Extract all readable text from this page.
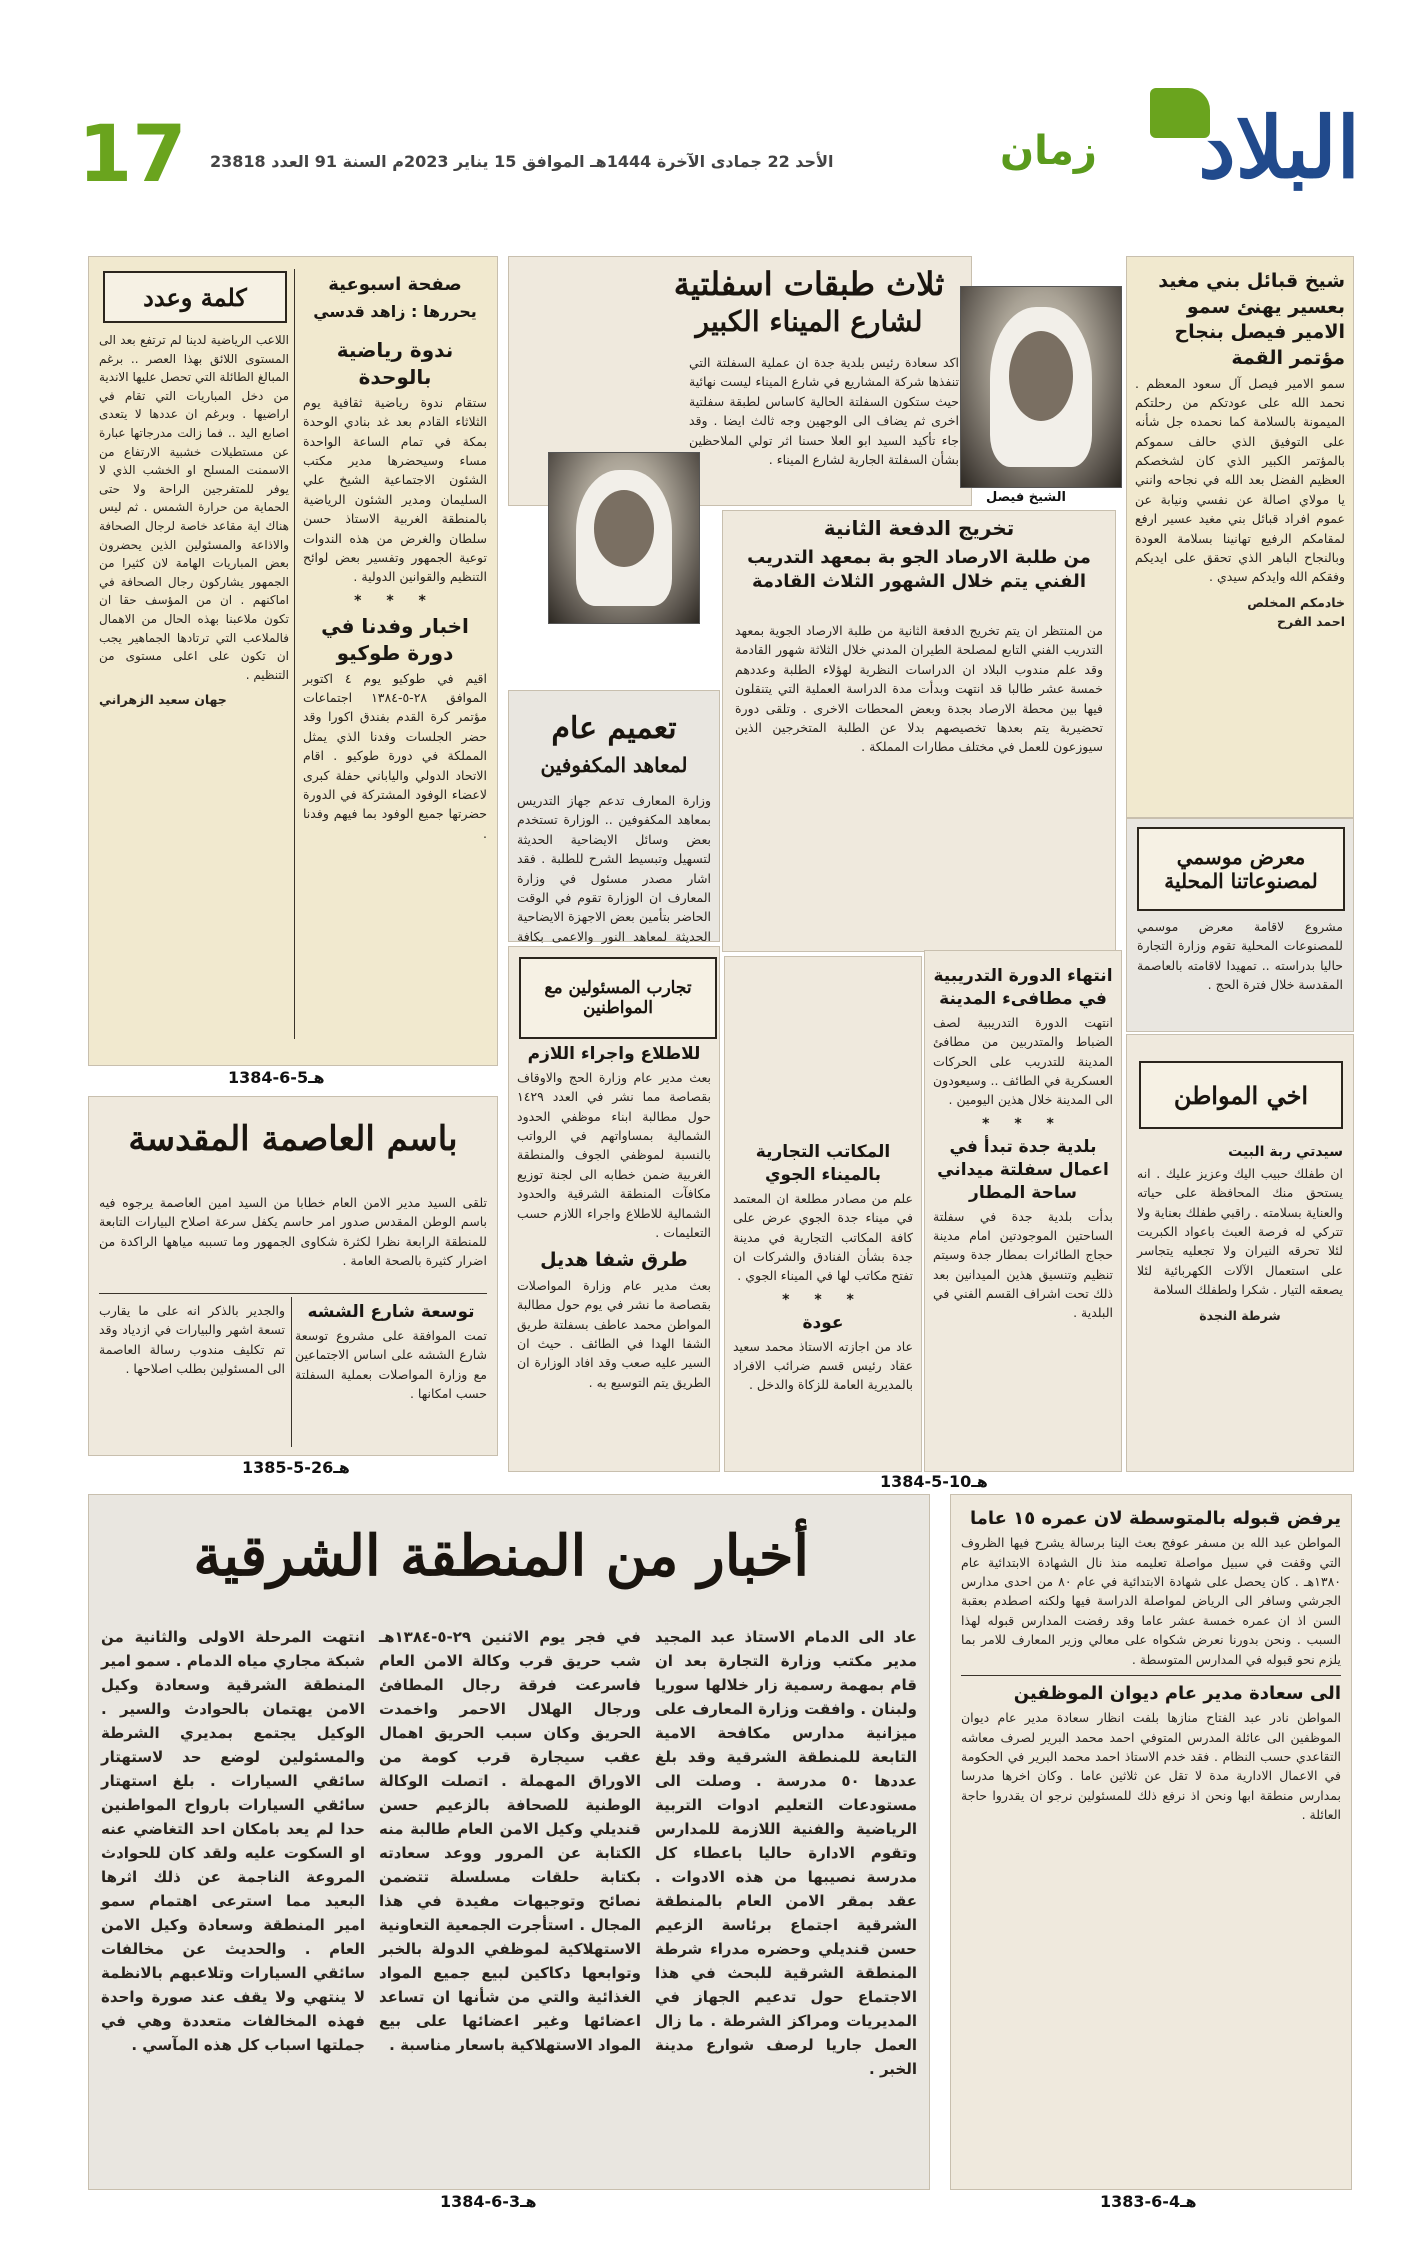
17 الأحد 22 جمادى الآخرة 1444هـ الموافق 15 يناير 2023م السنة 91 العدد 23818	زمان البلاد
كلمة وعدد

اللاعب الرياضية لدينا لم ترتفع بعد الى المستوى اللائق بهذا العصر .. برغم المبالغ الطائلة التي تحصل عليها الاندية من دخل المباريات التي تقام في اراضيها . وبرغم ان عددها لا يتعدى اصابع اليد .. فما زالت مدرجاتها عبارة عن مستطيلات خشبية الارتفاع من الاسمنت المسلح او الخشب الذي لا يوفر للمتفرجين الراحة ولا حتى الحماية من حرارة الشمس . ثم ليس هناك اية مقاعد خاصة لرجال الصحافة والاذاعة والمسئولين الذين يحضرون بعض المباريات الهامة لان كثيرا من الجمهور يشاركون رجال الصحافة في اماكنهم . ان من المؤسف حقا ان تكون ملاعبنا بهذه الحال من الاهمال فالملاعب التي ترتادها الجماهير يجب ان تكون على اعلى مستوى من التنظيم .

جهان سعيد الزهراني

صفحة اسبوعية
يحررها : زاهد قدسي
ندوة رياضية بالوحدة

ستقام ندوة رياضية ثقافية يوم الثلاثاء القادم بعد غد بنادي الوحدة بمكة في تمام الساعة الواحدة مساء وسيحضرها مدير مكتب الشئون الاجتماعية الشيخ علي السليمان ومدير الشئون الرياضية بالمنطقة الغربية الاستاذ حسن سلطان والغرض من هذه الندوات توعية الجمهور وتفسير بعض لوائح التنظيم والقوانين الدولية .

* * *
اخبار وفدنا في دورة طوكيو

اقيم في طوكيو يوم ٤ اكتوبر الموافق ٢٨-٥-١٣٨٤ اجتماعات مؤتمر كرة القدم بفندق اكورا وقد حضر الجلسات وفدنا الذي يمثل المملكة في دورة طوكيو . اقام الاتحاد الدولي والياباني حفلة كبرى لاعضاء الوفود المشتركة في الدورة حضرتها جميع الوفود بما فيهم وفدنا .

1384-6-5هـ
ثلاث طبقات اسفلتية
لشارع الميناء الكبير

اكد سعادة رئيس بلدية جدة ان عملية السفلتة التي تنفذها شركة المشاريع في شارع الميناء ليست نهائية حيث ستكون السفلتة الحالية كاساس لطبقة سفلتية اخرى ثم يضاف الى الوجهين وجه ثالث ايضا . وقد جاء تأكيد السيد ابو العلا حسنا اثر تولي الملاحظين بشأن السفلتة الجارية لشارع الميناء .

الشيخ فيصل
تخريج الدفعة الثانية
من طلبة الارصاد الجو بة بمعهد التدريب الفني يتم خلال الشهور الثلاث القادمة

من المنتظر ان يتم تخريج الدفعة الثانية من طلبة الارصاد الجوية بمعهد التدريب الفني التابع لمصلحة الطيران المدني خلال الثلاثة شهور القادمة وقد علم مندوب البلاد ان الدراسات النظرية لهؤلاء الطلبة وعددهم خمسة عشر طالبا قد انتهت وبدأت مدة الدراسة العملية التي يتنقلون فيها بين محطة الارصاد بجدة وبعض المحطات الاخرى . وتلقى دورة تحضيرية يتم بعدها تخصيصهم بدلا عن الطلبة المتخرجين الذين سيوزعون للعمل في مختلف مطارات المملكة .

تعميم عام
لمعاهد المكفوفين

وزارة المعارف تدعم جهاز التدريس بمعاهد المكفوفين .. الوزارة تستخدم بعض وسائل الايضاحية الحديثة لتسهيل وتبسيط الشرح للطلبة . فقد اشار مصدر مسئول في وزارة المعارف ان الوزارة تقوم في الوقت الحاضر بتأمين بعض الاجهزة الايضاحية الحديثة لمعاهد النور والاعمى بكافة

تجارب المسئولين مع المواطنين
للاطلاع واجراء اللازم

بعث مدير عام وزارة الحج والاوقاف بقصاصة مما نشر في العدد ١٤٢٩ حول مطالبة ابناء موظفي الحدود الشمالية بمساواتهم في الرواتب بالنسبة لموظفي الجوف والمنطقة الغربية ضمن خطابه الى لجنة توزيع مكافآت المنطقة الشرقية والحدود الشمالية للاطلاع واجراء اللازم حسب التعليمات .

طرق شفا هديل

بعث مدير عام وزارة المواصلات بقصاصة ما نشر في يوم حول مطالبة المواطن محمد عاطف بسفلتة طريق الشفا الهدا في الطائف . حيث ان السير عليه صعب وقد افاد الوزارة ان الطريق يتم التوسيع به .

المكاتب التجارية بالميناء الجوي

علم من مصادر مطلعة ان المعتمد في ميناء جدة الجوي عرض على كافة المكاتب التجارية في مدينة جدة بشأن الفنادق والشركات ان تفتح مكاتب لها في الميناء الجوي .

* * *
عودة

عاد من اجازته الاستاذ محمد سعيد عقاد رئيس قسم ضرائب الافراد بالمديرية العامة للزكاة والدخل .

انتهاء الدورة التدريبية في مطافىء المدينة

انتهت الدورة التدريبية لصف الضباط والمتدربين من مطافئ المدينة للتدريب على الحركات العسكرية في الطائف .. وسيعودون الى المدينة خلال هذين اليومين .

* * *
بلدية جدة تبدأ في اعمال سفلتة ميداني ساحة المطار

بدأت بلدية جدة في سفلتة الساحتين الموجودتين امام مدينة حجاج الطائرات بمطار جدة وسيتم تنظيم وتنسيق هذين الميدانين بعد ذلك تحت اشراف القسم الفني في البلدية .

1384-5-10هـ
شيخ قبائل بني مغيد بعسير يهنئ سمو الامير فيصل بنجاح مؤتمر القمة

سمو الامير فيصل آل سعود المعظم . نحمد الله على عودتكم من رحلتكم الميمونة بالسلامة كما نحمده جل شأنه على التوفيق الذي حالف سموكم بالمؤتمر الكبير الذي كان لشخصكم العظيم الفضل بعد الله في نجاحه وانني يا مولاي اصالة عن نفسي ونيابة عن عموم افراد قبائل بني مغيد عسير ارفع لمقامكم الرفيع تهانينا بسلامة العودة وبالنجاح الباهر الذي تحقق على ايديكم وفقكم الله وايدكم سيدي .

خادمكم المخلص

احمد الفرح

معرض موسمي لمصنوعاتنا المحلية

مشروع لاقامة معرض موسمي للمصنوعات المحلية تقوم وزارة التجارة حاليا بدراسته .. تمهيدا لاقامته بالعاصمة المقدسة خلال فترة الحج .

اخي المواطن
سيدتي ربة البيت

ان طفلك حبيب اليك وعزيز عليك . انه يستحق منك المحافظة على حياته والعناية بسلامته . راقبي طفلك بعناية ولا تتركي له فرصة العبث باعواد الكبريت لئلا تحرقه النيران ولا تجعليه يتجاسر على استعمال الآلات الكهربائية لئلا يصعقه التيار . شكرا ولطفلك السلامة

شرطة النجدة

باسم العاصمة المقدسة

تلقى السيد مدير الامن العام خطابا من السيد امين العاصمة يرجوه فيه باسم الوطن المقدس صدور امر حاسم يكفل سرعة اصلاح البيارات التابعة للمنطقة الرابعة نظرا لكثرة شكاوى الجمهور وما تسببه مياهها الراكدة من اضرار كثيرة بالصحة العامة .

توسعة شارع الششه

تمت الموافقة على مشروع توسعة شارع الششه على اساس الاجتماعين مع وزارة المواصلات بعملية السفلتة حسب امكانها .

والجدير بالذكر انه على ما يقارب تسعة اشهر والبيارات في ازدياد وقد تم تكليف مندوب رسالة العاصمة الى المسئولين بطلب اصلاحها .

1385-5-26هـ
أخبار من المنطقة الشرقية

عاد الى الدمام الاستاذ عبد المجيد مدير مكتب وزارة التجارة بعد ان قام بمهمة رسمية زار خلالها سوريا ولبنان . وافقت وزارة المعارف على ميزانية مدارس مكافحة الامية التابعة للمنطقة الشرقية وقد بلغ عددها ٥٠ مدرسة . وصلت الى مستودعات التعليم ادوات التربية الرياضية والفنية اللازمة للمدارس وتقوم الادارة حاليا باعطاء كل مدرسة نصيبها من هذه الادوات . عقد بمقر الامن العام بالمنطقة الشرقية اجتماع برئاسة الزعيم حسن قنديلي وحضره مدراء شرطة المنطقة الشرقية للبحث في هذا الاجتماع حول تدعيم الجهاز في المديريات ومراكز الشرطة . ما زال العمل جاريا لرصف شوارع مدينة الخبر .

في فجر يوم الاثنين ٢٩-٥-١٣٨٤هـ شب حريق قرب وكالة الامن العام فاسرعت فرقة رجال المطافئ ورجال الهلال الاحمر واخمدت الحريق وكان سبب الحريق اهمال عقب سيجارة قرب كومة من الاوراق المهملة . اتصلت الوكالة الوطنية للصحافة بالزعيم حسن قنديلي وكيل الامن العام طالبة منه الكتابة عن المرور ووعد سعادته بكتابة حلقات مسلسلة تتضمن نصائح وتوجيهات مفيدة في هذا المجال . استأجرت الجمعية التعاونية الاستهلاكية لموظفي الدولة بالخبر وتوابعها دكاكين لبيع جميع المواد الغذائية والتي من شأنها ان تساعد اعضائها وغير اعضائها على بيع المواد الاستهلاكية باسعار مناسبة .

انتهت المرحلة الاولى والثانية من شبكة مجاري مياه الدمام . سمو امير المنطقة الشرقية وسعادة وكيل الامن يهتمان بالحوادث والسير . الوكيل يجتمع بمديري الشرطة والمسئولين لوضع حد لاستهتار سائقي السيارات . بلغ استهتار سائقي السيارات بارواح المواطنين حدا لم يعد بامكان احد التغاضي عنه او السكوت عليه ولقد كان للحوادث المروعة الناجمة عن ذلك اثرها البعيد مما استرعى اهتمام سمو امير المنطقة وسعادة وكيل الامن العام . والحديث عن مخالفات سائقي السيارات وتلاعبهم بالانظمة لا ينتهي ولا يقف عند صورة واحدة فهذه المخالفات متعددة وهي في جملتها اسباب كل هذه المآسي .

1384-6-3هـ
يرفض قبوله بالمتوسطة لان عمره ١٥ عاما

المواطن عبد الله بن مسفر عوفج بعث الينا برسالة يشرح فيها الظروف التي وقفت في سبيل مواصلة تعليمه منذ نال الشهادة الابتدائية عام ١٣٨٠هـ . كان يحصل على شهادة الابتدائية في عام ٨٠ من احدى مدارس الجرشي وسافر الى الرياض لمواصلة الدراسة فيها ولكنه اصطدم بعقبة السن اذ ان عمره خمسة عشر عاما وقد رفضت المدارس قبوله لهذا السبب . ونحن بدورنا نعرض شكواه على معالي وزير المعارف للامر بما يلزم نحو قبوله في المدارس المتوسطة .

الى سعادة مدير عام ديوان الموظفين

المواطن نادر عبد الفتاح منازها بلفت انظار سعادة مدير عام ديوان الموظفين الى عائلة المدرس المتوفي احمد محمد البرير لصرف معاشه التقاعدي حسب النظام . فقد خدم الاستاذ احمد محمد البرير في الحكومة في الاعمال الادارية مدة لا تقل عن ثلاثين عاما . وكان اخرها مدرسا بمدارس منطقة ابها ونحن اذ نرفع ذلك للمسئولين نرجو ان يقدروا حاجة العائلة .

1383-6-4هـ
